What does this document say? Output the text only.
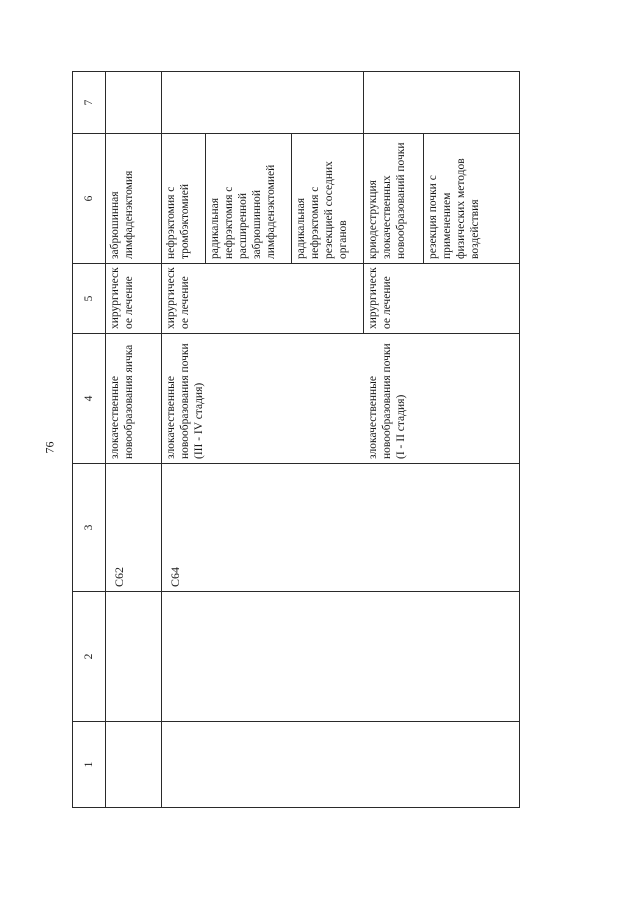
76
1	2	3	4	5	6	7
		C62	злокачественные новообразования яичка	хирургическ ое лечение	забрюшинная лимфаденэктомия	
		C64	злокачественные новообразования почки (III - IV стадия)	хирургическ ое лечение	нефрэктомия с тромбэктомией	
					радикальная нефрэктомия с расширенной забрюшинной лимфаденэктомией	
					радикальная нефрэктомия с резекцией соседних органов	
			злокачественные новообразования почки (I - II стадия)	хирургическ ое лечение	криодеструкция злокачественных новообразований почки	
					резекция почки с применением физических методов воздействия	
